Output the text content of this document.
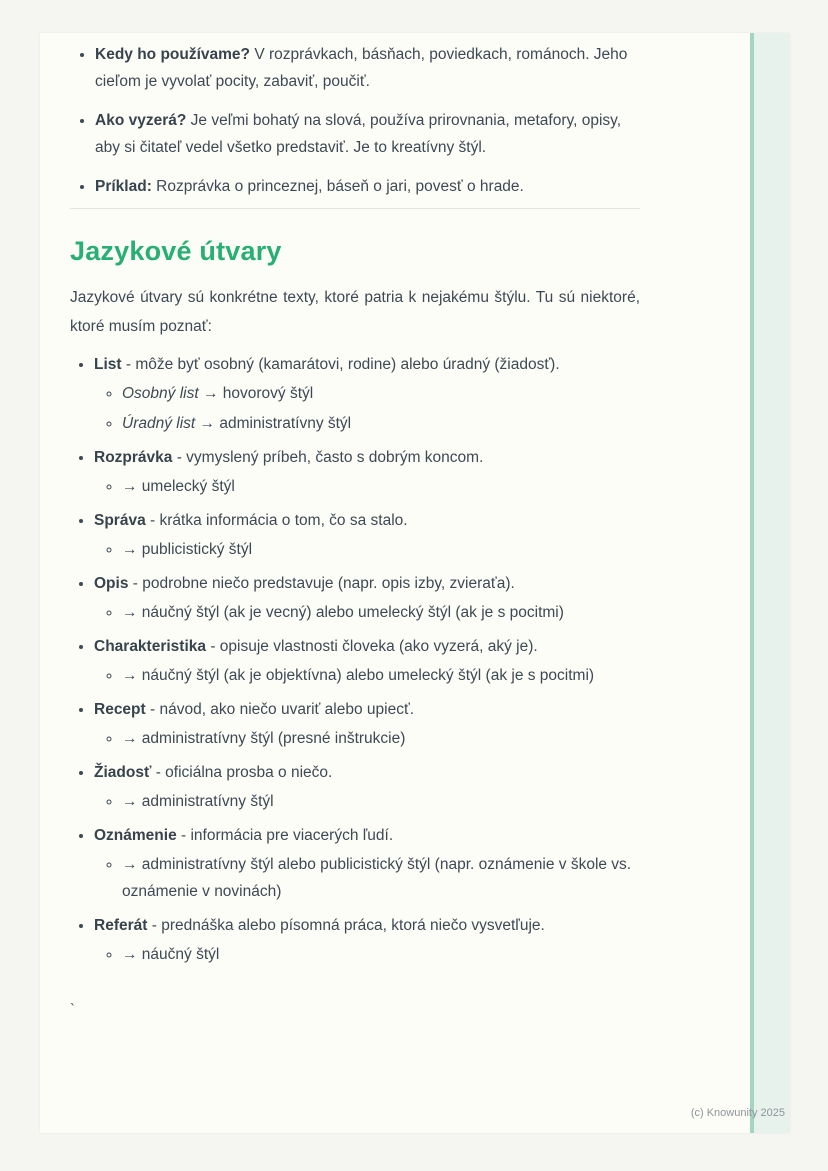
• Kedy ho používame? V rozprávkach, básňach, poviedkach, románoch. Jeho cieľom je vyvolať pocity, zabaviť, poučiť.
• Ako vyzerá? Je veľmi bohatý na slová, používa prirovnania, metafory, opisy, aby si čitateľ vedel všetko predstaviť. Je to kreatívny štýl.
• Príklad: Rozprávka o princeznej, báseň o jari, povesť o hrade.
Jazykové útvary

Jazykové útvary sú konkrétne texty, ktoré patria k nejakému štýlu. Tu sú niektoré, ktoré musím poznať:

• List - môže byť osobný (kamarátovi, rodine) alebo úradný (žiadosť).
◦ Osobný list → hovorový štýl
◦ Úradný list → administratívny štýl
• Rozprávka - vymyslený príbeh, často s dobrým koncom.
◦ → umelecký štýl
• Správa - krátka informácia o tom, čo sa stalo.
◦ → publicistický štýl
• Opis - podrobne niečo predstavuje (napr. opis izby, zvieraťa).
◦ → náučný štýl (ak je vecný) alebo umelecký štýl (ak je s pocitmi)
• Charakteristika - opisuje vlastnosti človeka (ako vyzerá, aký je).
◦ → náučný štýl (ak je objektívna) alebo umelecký štýl (ak je s pocitmi)
• Recept - návod, ako niečo uvariť alebo upiecť.
◦ → administratívny štýl (presné inštrukcie)
• Žiadosť - oficiálna prosba o niečo.
◦ → administratívny štýl
• Oznámenie - informácia pre viacerých ľudí.
◦ → administratívny štýl alebo publicistický štýl (napr. oznámenie v škole vs. oznámenie v novinách)
• Referát - prednáška alebo písomná práca, ktorá niečo vysvetľuje.
◦ → náučný štýl
`
(c) Knowunity 2025
